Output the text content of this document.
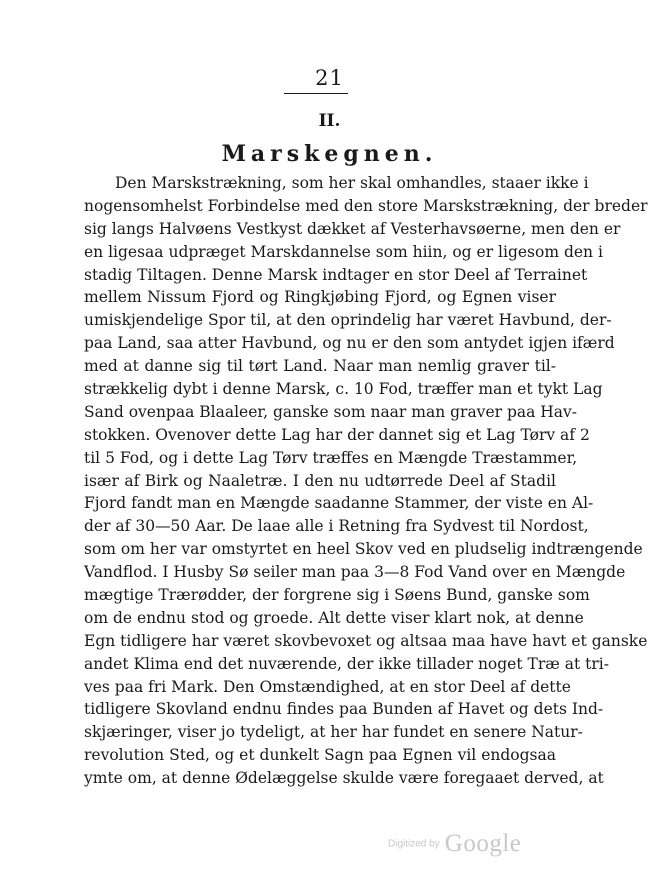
21
II.
Marskegnen.
Den Marskstrækning, som her skal omhandles, staaer ikke i
nogensomhelst Forbindelse med den store Marskstrækning, der breder
sig langs Halvøens Vestkyst dækket af Vesterhavsøerne, men den er
en ligesaa udpræget Marskdannelse som hiin, og er ligesom den i
stadig Tiltagen. Denne Marsk indtager en stor Deel af Terrainet
mellem Nissum Fjord og Ringkjøbing Fjord, og Egnen viser
umiskjendelige Spor til, at den oprindelig har været Havbund, der-
paa Land, saa atter Havbund, og nu er den som antydet igjen ifærd
med at danne sig til tørt Land. Naar man nemlig graver til-
strækkelig dybt i denne Marsk, c. 10 Fod, træffer man et tykt Lag
Sand ovenpaa Blaaleer, ganske som naar man graver paa Hav-
stokken. Ovenover dette Lag har der dannet sig et Lag Tørv af 2
til 5 Fod, og i dette Lag Tørv træffes en Mængde Træstammer,
især af Birk og Naaletræ. I den nu udtørrede Deel af Stadil
Fjord fandt man en Mængde saadanne Stammer, der viste en Al-
der af 30—50 Aar. De laae alle i Retning fra Sydvest til Nordost,
som om her var omstyrtet en heel Skov ved en pludselig indtrængende
Vandflod. I Husby Sø seiler man paa 3—8 Fod Vand over en Mængde
mægtige Trærødder, der forgrene sig i Søens Bund, ganske som
om de endnu stod og groede. Alt dette viser klart nok, at denne
Egn tidligere har været skovbevoxet og altsaa maa have havt et ganske
andet Klima end det nuværende, der ikke tillader noget Træ at tri-
ves paa fri Mark. Den Omstændighed, at en stor Deel af dette
tidligere Skovland endnu findes paa Bunden af Havet og dets Ind-
skjæringer, viser jo tydeligt, at her har fundet en senere Natur-
revolution Sted, og et dunkelt Sagn paa Egnen vil endogsaa
ymte om, at denne Ødelæggelse skulde være foregaaet derved, at
Digitized by Google
